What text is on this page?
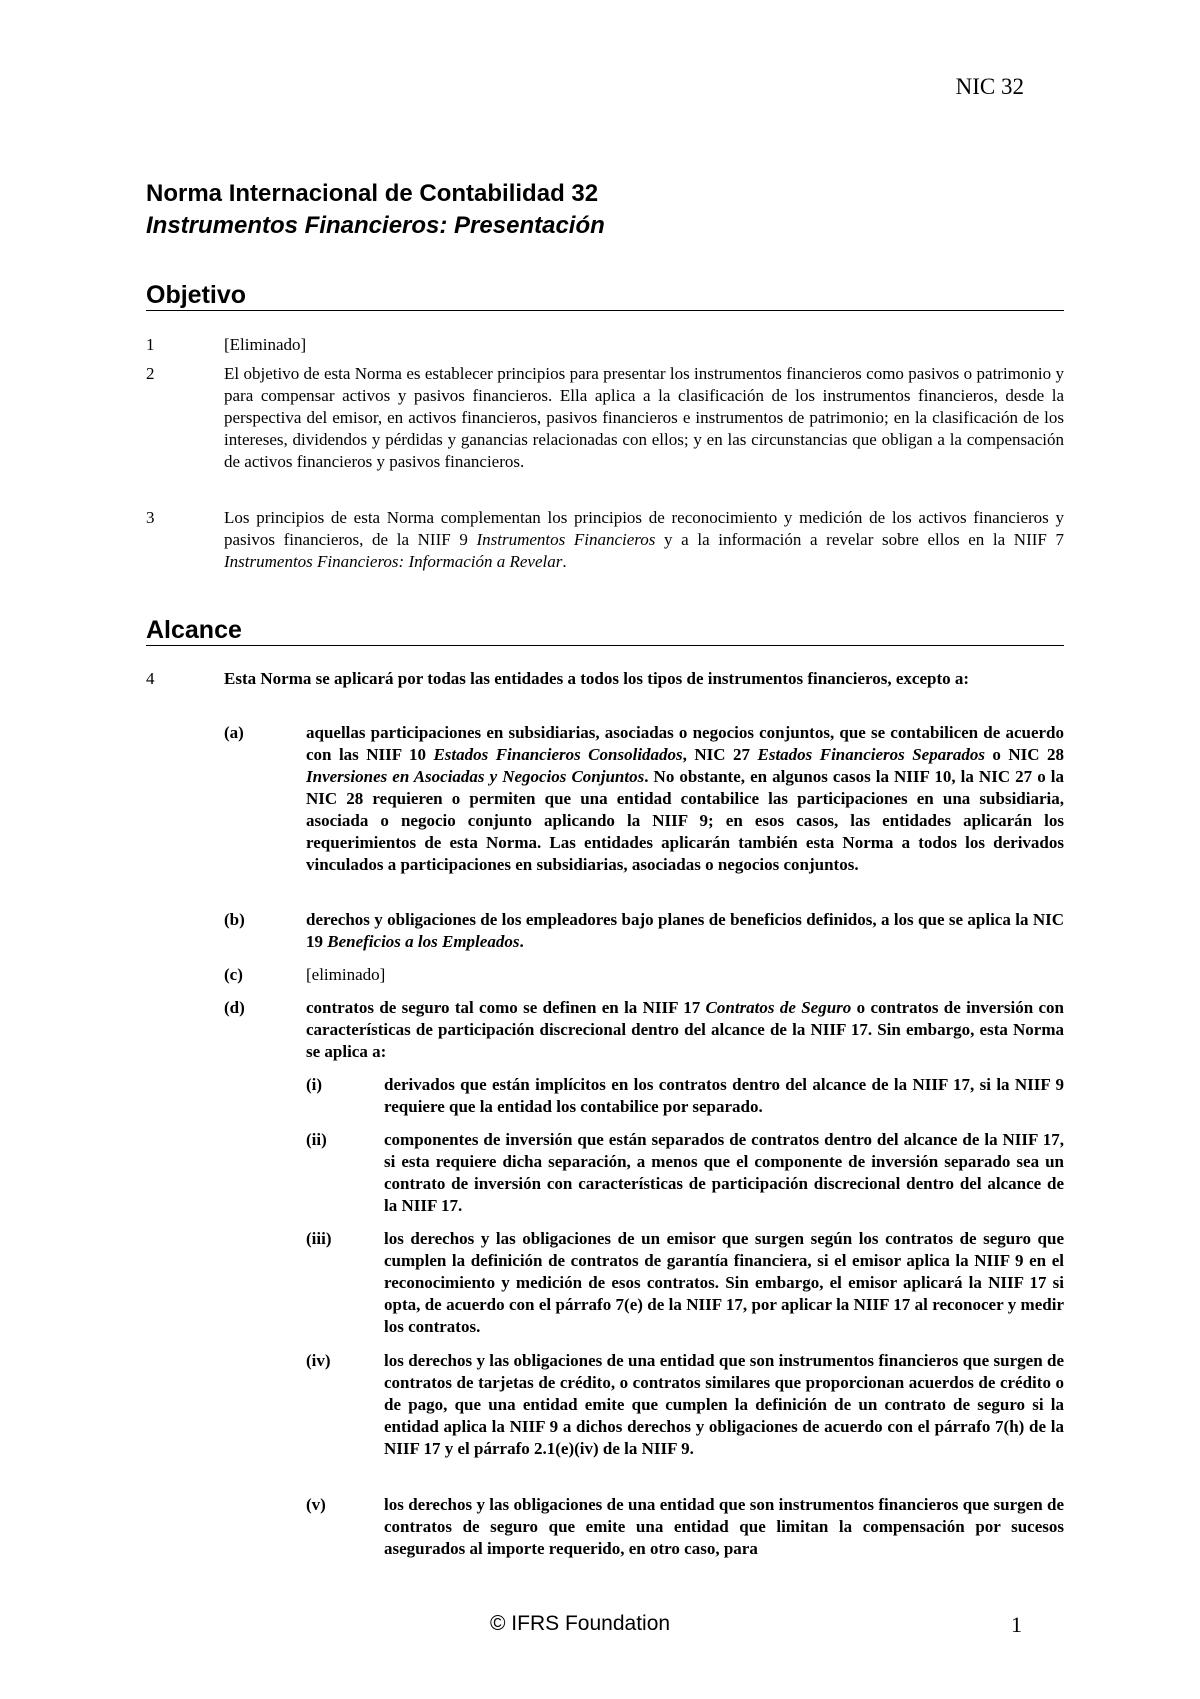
NIC 32
Norma Internacional de Contabilidad 32
Instrumentos Financieros: Presentación
Objetivo
1	[Eliminado]
2	El objetivo de esta Norma es establecer principios para presentar los instrumentos financieros como pasivos o patrimonio y para compensar activos y pasivos financieros. Ella aplica a la clasificación de los instrumentos financieros, desde la perspectiva del emisor, en activos financieros, pasivos financieros e instrumentos de patrimonio; en la clasificación de los intereses, dividendos y pérdidas y ganancias relacionadas con ellos; y en las circunstancias que obligan a la compensación de activos financieros y pasivos financieros.
3	Los principios de esta Norma complementan los principios de reconocimiento y medición de los activos financieros y pasivos financieros, de la NIIF 9 Instrumentos Financieros y a la información a revelar sobre ellos en la NIIF 7 Instrumentos Financieros: Información a Revelar.
Alcance
4	Esta Norma se aplicará por todas las entidades a todos los tipos de instrumentos financieros, excepto a:
(a)	aquellas participaciones en subsidiarias, asociadas o negocios conjuntos, que se contabilicen de acuerdo con las NIIF 10 Estados Financieros Consolidados, NIC 27 Estados Financieros Separados o NIC 28 Inversiones en Asociadas y Negocios Conjuntos. No obstante, en algunos casos la NIIF 10, la NIC 27 o la NIC 28 requieren o permiten que una entidad contabilice las participaciones en una subsidiaria, asociada o negocio conjunto aplicando la NIIF 9; en esos casos, las entidades aplicarán los requerimientos de esta Norma. Las entidades aplicarán también esta Norma a todos los derivados vinculados a participaciones en subsidiarias, asociadas o negocios conjuntos.
(b)	derechos y obligaciones de los empleadores bajo planes de beneficios definidos, a los que se aplica la NIC 19 Beneficios a los Empleados.
(c)	[eliminado]
(d)	contratos de seguro tal como se definen en la NIIF 17 Contratos de Seguro o contratos de inversión con características de participación discrecional dentro del alcance de la NIIF 17. Sin embargo, esta Norma se aplica a:
(i)	derivados que están implícitos en los contratos dentro del alcance de la NIIF 17, si la NIIF 9 requiere que la entidad los contabilice por separado.
(ii)	componentes de inversión que están separados de contratos dentro del alcance de la NIIF 17, si esta requiere dicha separación, a menos que el componente de inversión separado sea un contrato de inversión con características de participación discrecional dentro del alcance de la NIIF 17.
(iii)	los derechos y las obligaciones de un emisor que surgen según los contratos de seguro que cumplen la definición de contratos de garantía financiera, si el emisor aplica la NIIF 9 en el reconocimiento y medición de esos contratos. Sin embargo, el emisor aplicará la NIIF 17 si opta, de acuerdo con el párrafo 7(e) de la NIIF 17, por aplicar la NIIF 17 al reconocer y medir los contratos.
(iv)	los derechos y las obligaciones de una entidad que son instrumentos financieros que surgen de contratos de tarjetas de crédito, o contratos similares que proporcionan acuerdos de crédito o de pago, que una entidad emite que cumplen la definición de un contrato de seguro si la entidad aplica la NIIF 9 a dichos derechos y obligaciones de acuerdo con el párrafo 7(h) de la NIIF 17 y el párrafo 2.1(e)(iv) de la NIIF 9.
(v)	los derechos y las obligaciones de una entidad que son instrumentos financieros que surgen de contratos de seguro que emite una entidad que limitan la compensación por sucesos asegurados al importe requerido, en otro caso, para
© IFRS Foundation	1
